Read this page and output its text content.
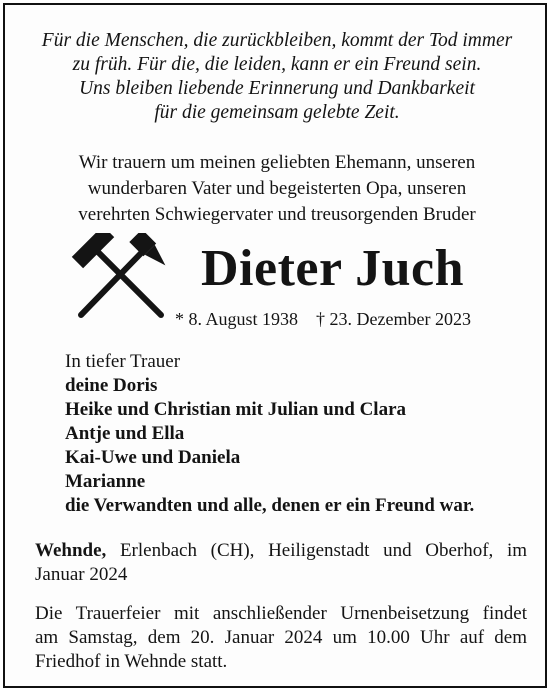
Für die Menschen, die zurückbleiben, kommt der Tod immer
zu früh. Für die, die leiden, kann er ein Freund sein.
Uns bleiben liebende Erinnerung und Dankbarkeit
für die gemeinsam gelebte Zeit.
Wir trauern um meinen geliebten Ehemann, unseren
wunderbaren Vater und begeisterten Opa, unseren
verehrten Schwiegervater und treusorgenden Bruder
Dieter Juch
* 8. August 1938 † 23. Dezember 2023
In tiefer Trauer
deine Doris
Heike und Christian mit Julian und Clara
Antje und Ella
Kai-Uwe und Daniela
Marianne
die Verwandten und alle, denen er ein Freund war.
Wehnde, Erlenbach (CH), Heiligenstadt und Oberhof, im
Januar 2024
Die Trauerfeier mit anschließender Urnenbeisetzung findet
am Samstag, dem 20. Januar 2024 um 10.00 Uhr auf dem
Friedhof in Wehnde statt.
